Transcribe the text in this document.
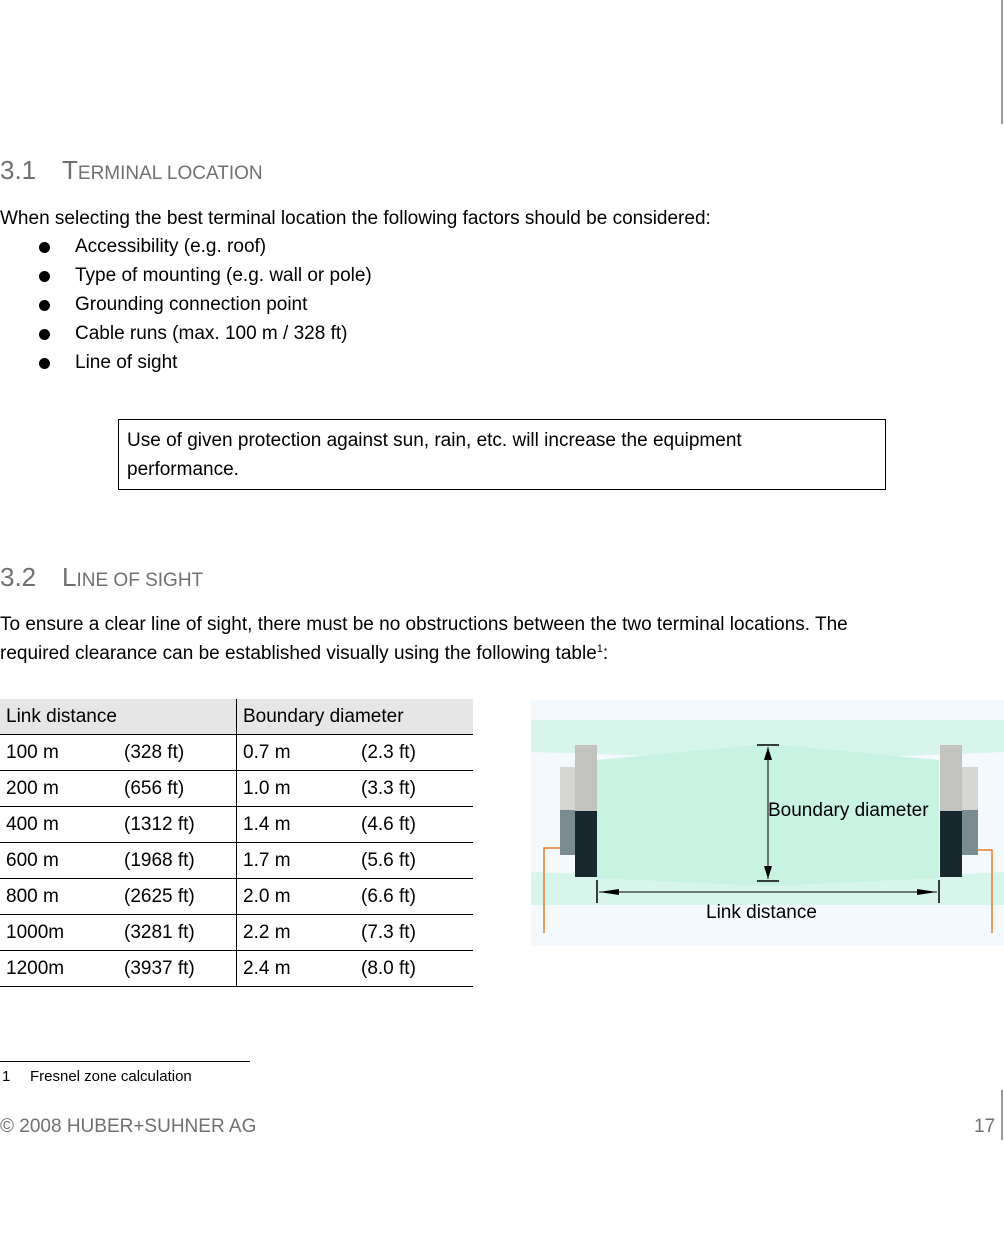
3.1 TERMINAL LOCATION
When selecting the best terminal location the following factors should be considered:
Accessibility (e.g. roof)
Type of mounting (e.g. wall or pole)
Grounding connection point
Cable runs (max. 100 m / 328 ft)
Line of sight
Use of given protection against sun, rain, etc. will increase the equipment
performance.
3.2 LINE OF SIGHT
To ensure a clear line of sight, there must be no obstructions between the two terminal locations. The
required clearance can be established visually using the following table$^1$:
Link distance		Boundary diameter	
100 m	(328 ft)	0.7 m	(2.3 ft)
200 m	(656 ft)	1.0 m	(3.3 ft)
400 m	(1312 ft)	1.4 m	(4.6 ft)
600 m	(1968 ft)	1.7 m	(5.6 ft)
800 m	(2625 ft)	2.0 m	(6.6 ft)
1000m	(3281 ft)	2.2 m	(7.3 ft)
1200m	(3937 ft)	2.4 m	(8.0 ft)
Boundary diameter
Link distance
1 Fresnel zone calculation
© 2008 HUBER+SUHNER AG	17
